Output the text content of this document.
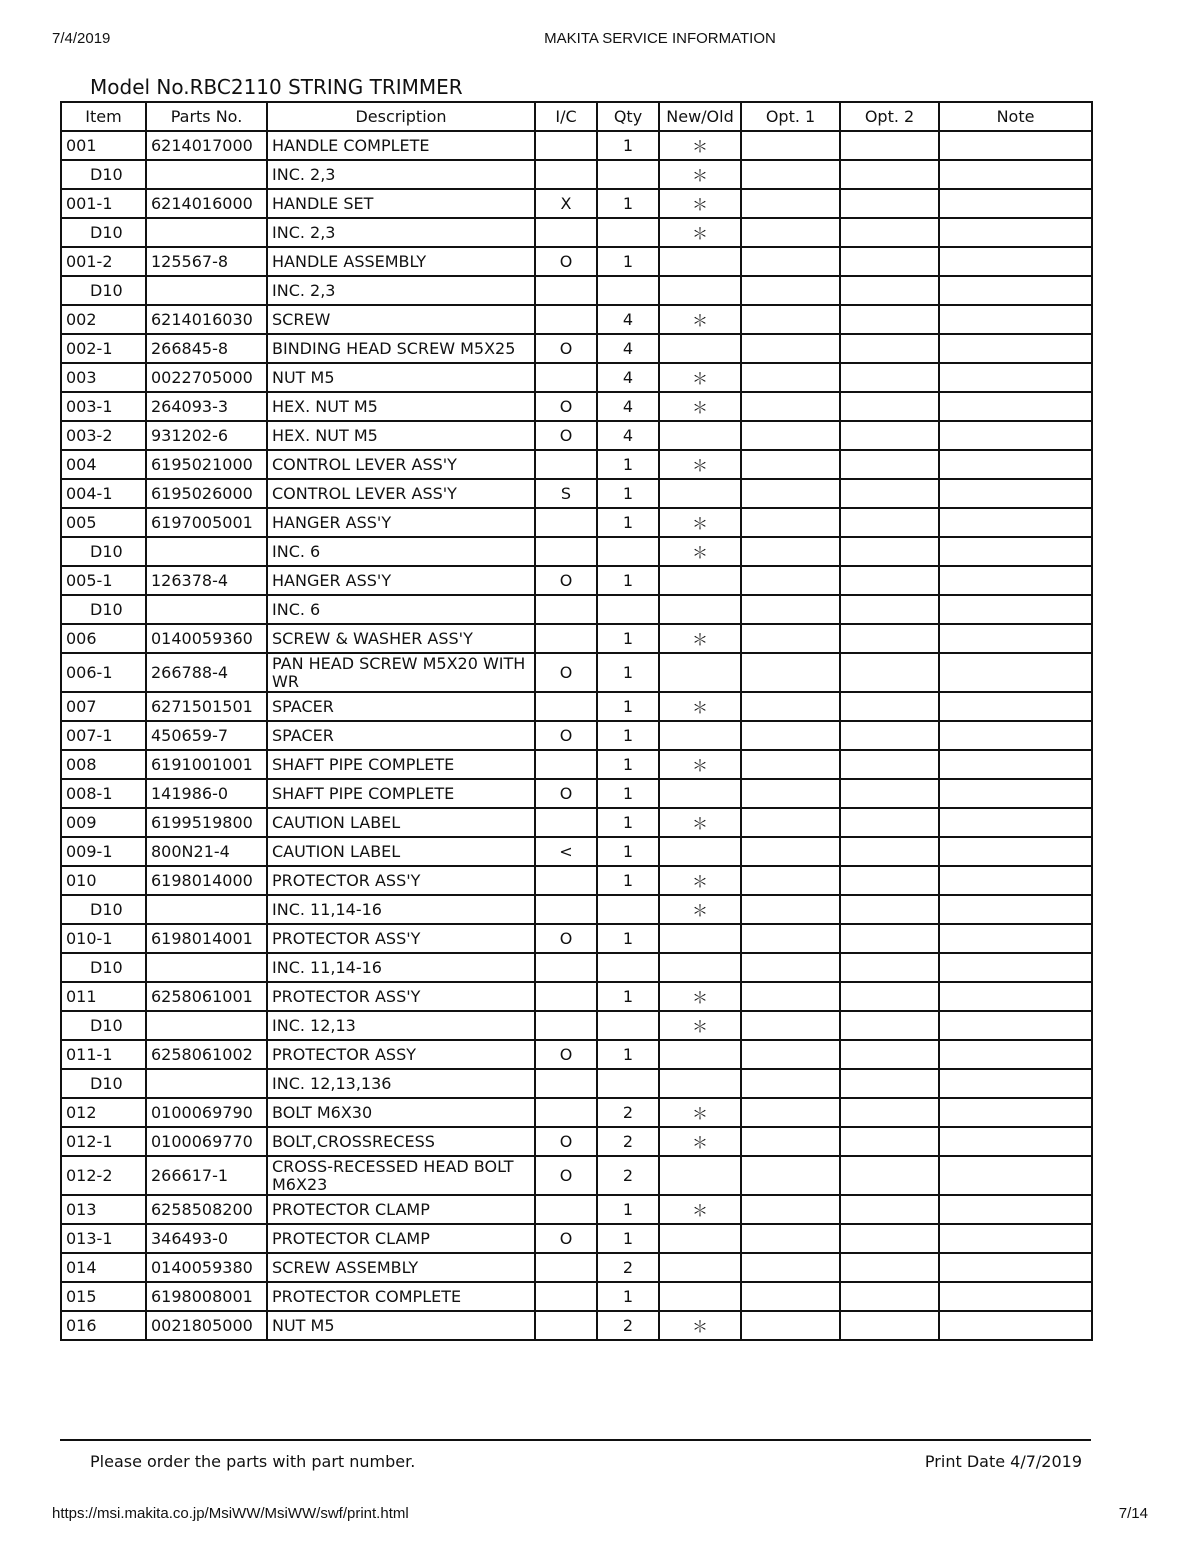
7/4/2019	MAKITA SERVICE INFORMATION
Model No.RBC2110 STRING TRIMMER
Item	Parts No.	Description	I/C	Qty	New/Old	Opt. 1	Opt. 2	Note
001	6214017000	HANDLE COMPLETE		1	＊			
D10		INC. 2,3			＊			
001-1	6214016000	HANDLE SET	X	1	＊			
D10		INC. 2,3			＊			
001-2	125567-8	HANDLE ASSEMBLY	O	1				
D10		INC. 2,3						
002	6214016030	SCREW		4	＊			
002-1	266845-8	BINDING HEAD SCREW M5X25	O	4				
003	0022705000	NUT M5		4	＊			
003-1	264093-3	HEX. NUT M5	O	4	＊			
003-2	931202-6	HEX. NUT M5	O	4				
004	6195021000	CONTROL LEVER ASS'Y		1	＊			
004-1	6195026000	CONTROL LEVER ASS'Y	S	1				
005	6197005001	HANGER ASS'Y		1	＊			
D10		INC. 6			＊			
005-1	126378-4	HANGER ASS'Y	O	1				
D10		INC. 6						
006	0140059360	SCREW & WASHER ASS'Y		1	＊			
006-1	266788-4	PAN HEAD SCREW M5X20 WITH WR	O	1				
007	6271501501	SPACER		1	＊			
007-1	450659-7	SPACER	O	1				
008	6191001001	SHAFT PIPE COMPLETE		1	＊			
008-1	141986-0	SHAFT PIPE COMPLETE	O	1				
009	6199519800	CAUTION LABEL		1	＊			
009-1	800N21-4	CAUTION LABEL	<	1				
010	6198014000	PROTECTOR ASS'Y		1	＊			
D10		INC. 11,14-16			＊			
010-1	6198014001	PROTECTOR ASS'Y	O	1				
D10		INC. 11,14-16						
011	6258061001	PROTECTOR ASS'Y		1	＊			
D10		INC. 12,13			＊			
011-1	6258061002	PROTECTOR ASSY	O	1				
D10		INC. 12,13,136						
012	0100069790	BOLT M6X30		2	＊			
012-1	0100069770	BOLT,CROSSRECESS	O	2	＊			
012-2	266617-1	CROSS-RECESSED HEAD BOLT M6X23	O	2				
013	6258508200	PROTECTOR CLAMP		1	＊			
013-1	346493-0	PROTECTOR CLAMP	O	1				
014	0140059380	SCREW ASSEMBLY		2				
015	6198008001	PROTECTOR COMPLETE		1				
016	0021805000	NUT M5		2	＊			
Please order the parts with part number.	Print Date 4/7/2019
https://msi.makita.co.jp/MsiWW/MsiWW/swf/print.html	7/14
